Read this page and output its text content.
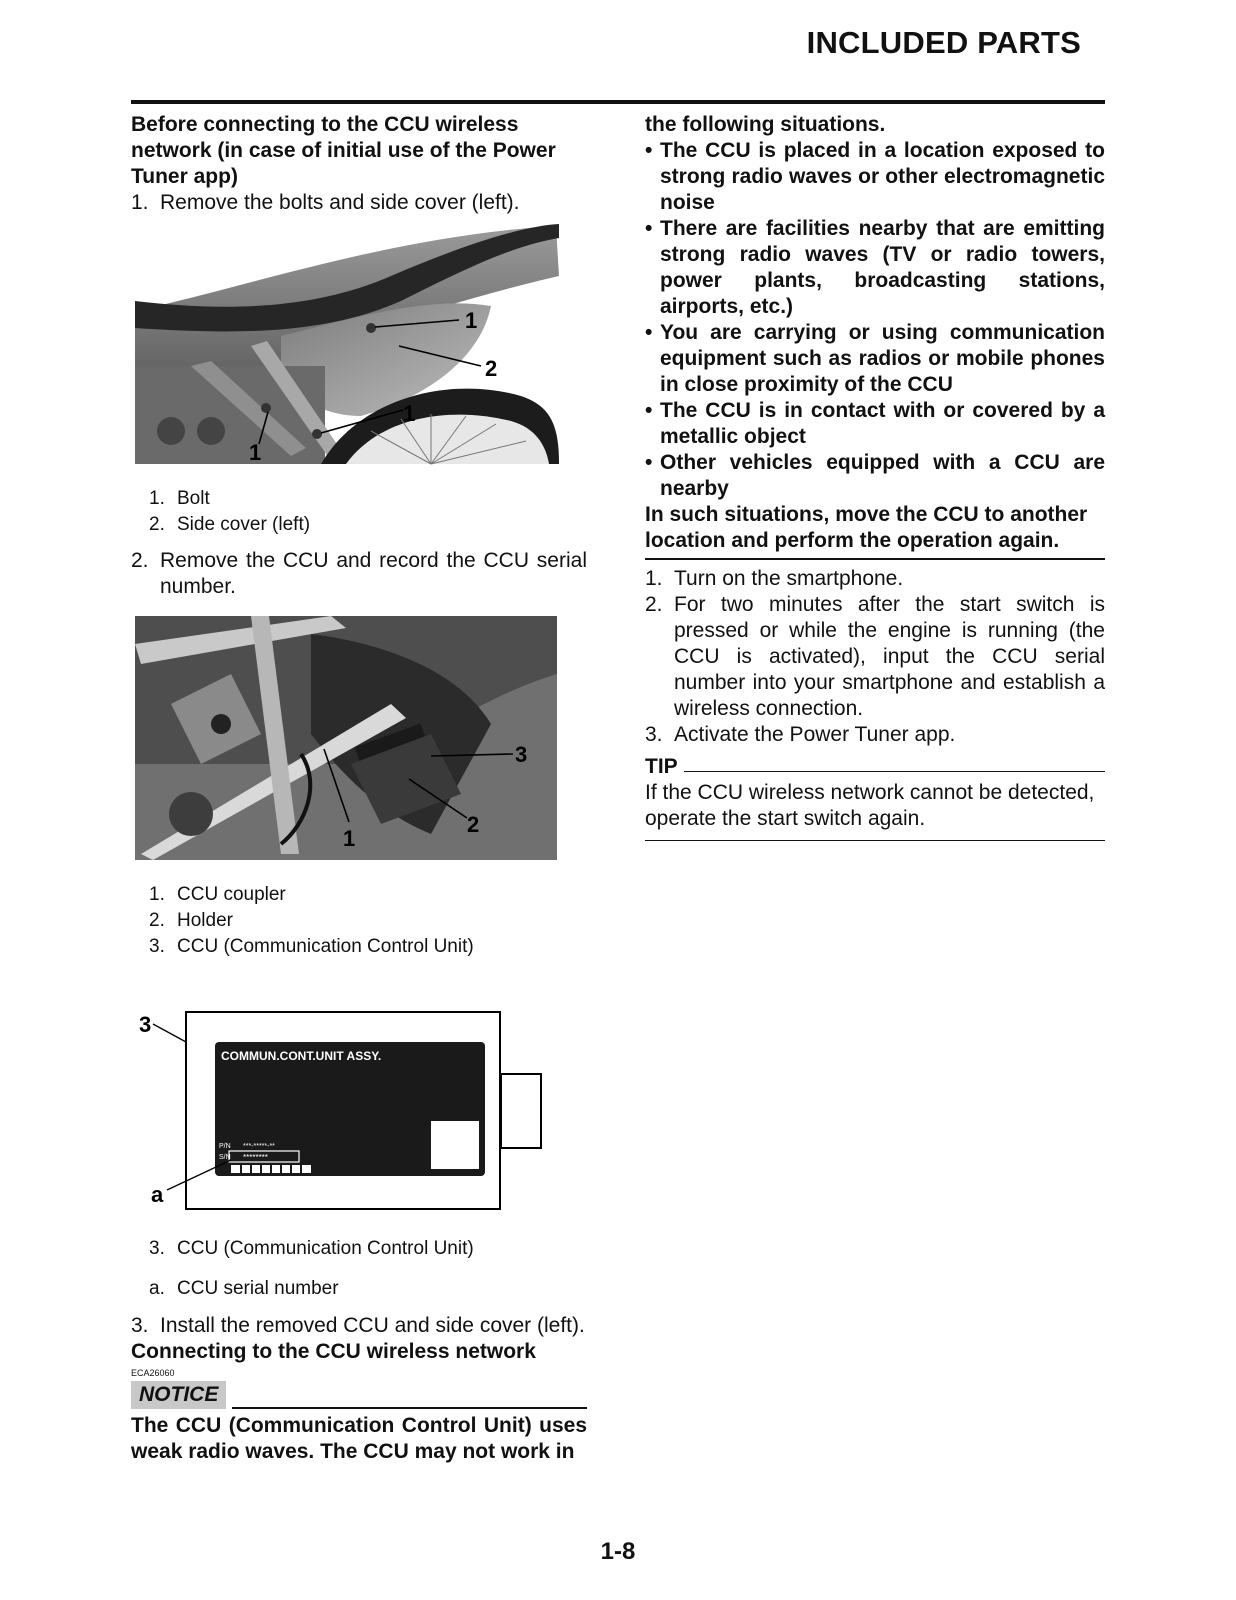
INCLUDED PARTS
Before connecting to the CCU wireless network (in case of initial use of the Power Tuner app)
1. Remove the bolts and side cover (left).
1
2
1
1
1. Bolt
2. Side cover (left)
2. Remove the CCU and record the CCU serial number.
3
2
1
1. CCU coupler
2. Holder
3. CCU (Communication Control Unit)
COMMUN.CONT.UNIT ASSY.
P/N ***-*****-**
S/N ********
3
a
3. CCU (Communication Control Unit)
a. CCU serial number
3. Install the removed CCU and side cover (left).
Connecting to the CCU wireless network
ECA26060
NOTICE
The CCU (Communication Control Unit) uses weak radio waves. The CCU may not work in
the following situations.
• The CCU is placed in a location exposed to strong radio waves or other electromagnetic noise
• There are facilities nearby that are emitting strong radio waves (TV or radio towers, power plants, broadcasting stations, airports, etc.)
• You are carrying or using communication equipment such as radios or mobile phones in close proximity of the CCU
• The CCU is in contact with or covered by a metallic object
• Other vehicles equipped with a CCU are nearby
In such situations, move the CCU to another location and perform the operation again.
1. Turn on the smartphone.
2. For two minutes after the start switch is pressed or while the engine is running (the CCU is activated), input the CCU serial number into your smartphone and establish a wireless connection.
3. Activate the Power Tuner app.
TIP
If the CCU wireless network cannot be detected, operate the start switch again.
1-8
